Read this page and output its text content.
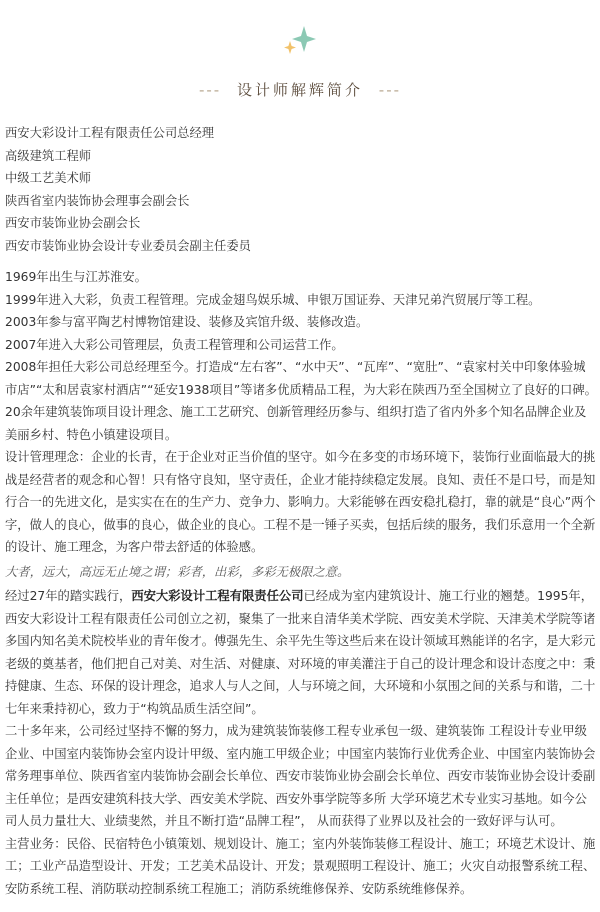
--- 设计师解辉简介 ---

西安大彩设计工程有限责任公司总经理

高级建筑工程师

中级工艺美术师

陕西省室内装饰协会理事会副会长

西安市装饰业协会副会长

西安市装饰业协会设计专业委员会副主任委员

1969年出生与江苏淮安。

1999年进入大彩，负责工程管理。完成金翅鸟娱乐城、申银万国证券、天津兄弟汽贸展厅等工程。

2003年参与富平陶艺村博物馆建设、装修及宾馆升级、装修改造。

2007年进入大彩公司管理层，负责工程管理和公司运营工作。

2008年担任大彩公司总经理至今。打造成“左右客”、“水中天”、“瓦库”、“宽肚”、“袁家村关中印象体验城市店”“太和居袁家村酒店”“延安1938项目”等诸多优质精品工程，为大彩在陕西乃至全国树立了良好的口碑。20余年建筑装饰项目设计理念、施工工艺研究、创新管理经历参与、组织打造了省内外多个知名品牌企业及美丽乡村、特色小镇建设项目。

设计管理理念：企业的长青，在于企业对正当价值的坚守。如今在多变的市场环境下，装饰行业面临最大的挑战是经营者的观念和心智！只有恪守良知，坚守责任，企业才能持续稳定发展。良知、责任不是口号，而是知行合一的先进文化，是实实在在的生产力、竞争力、影响力。大彩能够在西安稳扎稳打，靠的就是“良心”两个字，做人的良心，做事的良心，做企业的良心。工程不是一锤子买卖，包括后续的服务，我们乐意用一个全新的设计、施工理念，为客户带去舒适的体验感。

大者，远大，高远无止境之谓；彩者，出彩，多彩无极限之意。

经过27年的踏实践行，西安大彩设计工程有限责任公司已经成为室内建筑设计、施工行业的翘楚。1995年，西安大彩设计工程有限责任公司创立之初，聚集了一批来自清华美术学院、西安美术学院、天津美术学院等诸多国内知名美术院校毕业的青年俊才。傅强先生、余平先生等这些后来在设计领域耳熟能详的名字，是大彩元老级的奠基者，他们把自己对美、对生活、对健康、对环境的审美灌注于自己的设计理念和设计态度之中：秉持健康、生态、环保的设计理念，追求人与人之间，人与环境之间，大环境和小氛围之间的关系与和谐，二十七年来秉持初心，致力于“构筑品质生活空间”。

二十多年来，公司经过坚持不懈的努力，成为建筑装饰装修工程专业承包一级、建筑装饰 工程设计专业甲级企业、中国室内装饰协会室内设计甲级、室内施工甲级企业；中国室内装饰行业优秀企业、中国室内装饰协会常务理事单位、陕西省室内装饰协会副会长单位、西安市装饰业协会副会长单位、西安市装饰业协会设计委副主任单位；是西安建筑科技大学、西安美术学院、西安外事学院等多所 大学环境艺术专业实习基地。如今公司人员力量壮大、业绩斐然，并且不断打造“品牌工程”， 从而获得了业界以及社会的一致好评与认可。

主营业务：民俗、民宿特色小镇策划、规划设计、施工；室内外装饰装修工程设计、施工；环境艺术设计、施工；工业产品造型设计、开发；工艺美术品设计、开发；景观照明工程设计、施工；火灾自动报警系统工程、安防系统工程、消防联动控制系统工程施工；消防系统维修保养、安防系统维修保养。
